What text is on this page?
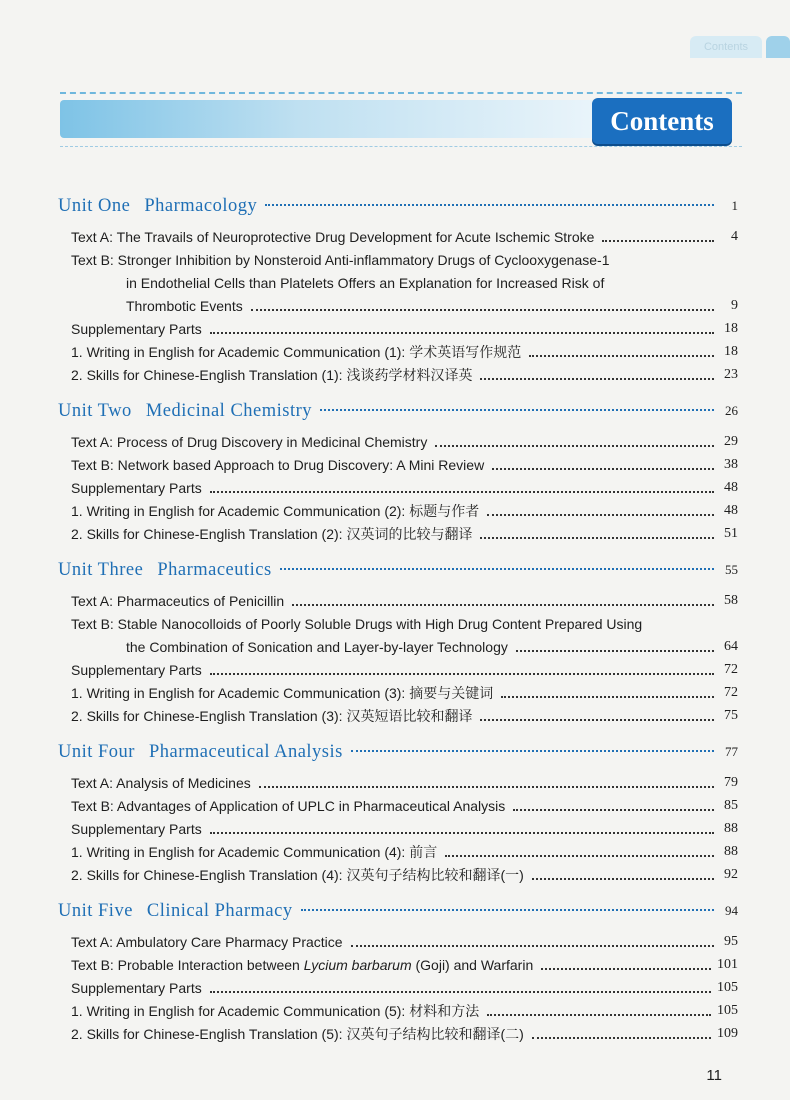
Contents
Contents
Unit One Pharmacology	1
Text A: The Travails of Neuroprotective Drug Development for Acute Ischemic Stroke	4
Text B: Stronger Inhibition by Nonsteroid Anti-inflammatory Drugs of Cyclooxygenase-1
in Endothelial Cells than Platelets Offers an Explanation for Increased Risk of
Thrombotic Events	9
Supplementary Parts	18
1. Writing in English for Academic Communication (1): 学术英语写作规范	18
2. Skills for Chinese-English Translation (1): 浅谈药学材料汉译英	23
Unit Two Medicinal Chemistry	26
Text A: Process of Drug Discovery in Medicinal Chemistry	29
Text B: Network based Approach to Drug Discovery: A Mini Review	38
Supplementary Parts	48
1. Writing in English for Academic Communication (2): 标题与作者	48
2. Skills for Chinese-English Translation (2): 汉英词的比较与翻译	51
Unit Three Pharmaceutics	55
Text A: Pharmaceutics of Penicillin	58
Text B: Stable Nanocolloids of Poorly Soluble Drugs with High Drug Content Prepared Using
the Combination of Sonication and Layer-by-layer Technology	64
Supplementary Parts	72
1. Writing in English for Academic Communication (3): 摘要与关键词	72
2. Skills for Chinese-English Translation (3): 汉英短语比较和翻译	75
Unit Four Pharmaceutical Analysis	77
Text A: Analysis of Medicines	79
Text B: Advantages of Application of UPLC in Pharmaceutical Analysis	85
Supplementary Parts	88
1. Writing in English for Academic Communication (4): 前言	88
2. Skills for Chinese-English Translation (4): 汉英句子结构比较和翻译(一)	92
Unit Five Clinical Pharmacy	94
Text A: Ambulatory Care Pharmacy Practice	95
Text B: Probable Interaction between Lycium barbarum (Goji) and Warfarin	101
Supplementary Parts	105
1. Writing in English for Academic Communication (5): 材料和方法	105
2. Skills for Chinese-English Translation (5): 汉英句子结构比较和翻译(二)	109
11
